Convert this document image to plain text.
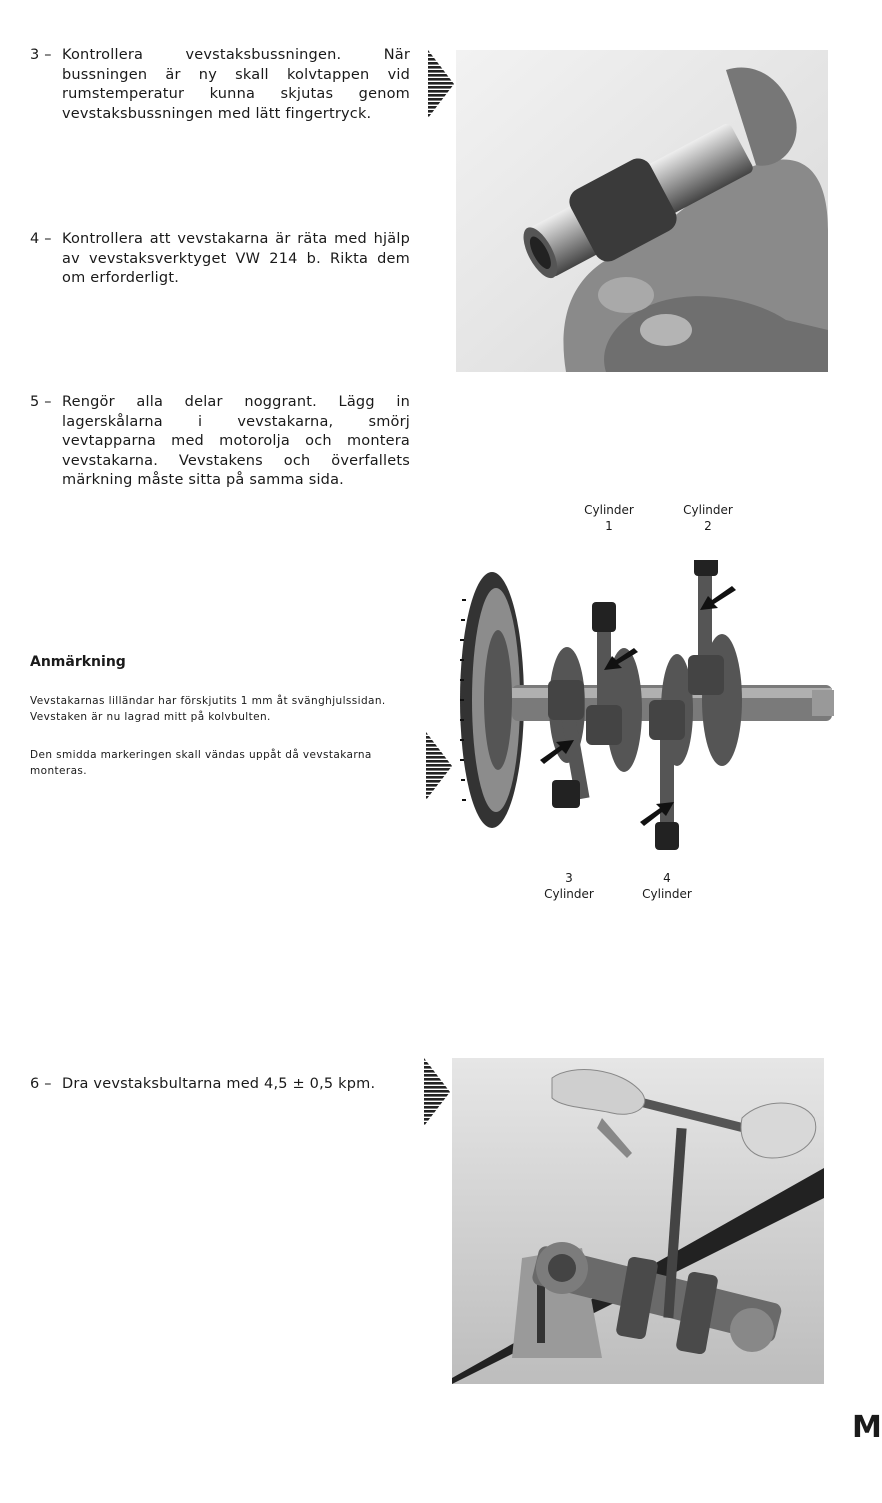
3 – Kontrollera vevstaksbussningen. När bussningen är ny skall kolvtappen vid rumstemperatur kunna skjutas genom vevstaksbussningen med lätt fingertryck.
4 – Kontrollera att vevstakarna är räta med hjälp av vevstaksverktyget VW 214 b. Rikta dem om erforderligt.
5 – Rengör alla delar noggrant. Lägg in lagerskålarna i vevstakarna, smörj vevtapparna med motorolja och montera vevstakarna. Vevstakens och överfallets märkning måste sitta på samma sida.
Anmärkning
Vevstakarnas lilländar har förskjutits 1 mm åt svänghjulssidan. Vevstaken är nu lagrad mitt på kolvbulten.
Den smidda markeringen skall vändas uppåt då vevstakarna monteras.
6 – Dra vevstaksbultarna med 4,5 ± 0,5 kpm.
Cylinder
1
Cylinder
2
3
Cylinder
4
Cylinder
M
